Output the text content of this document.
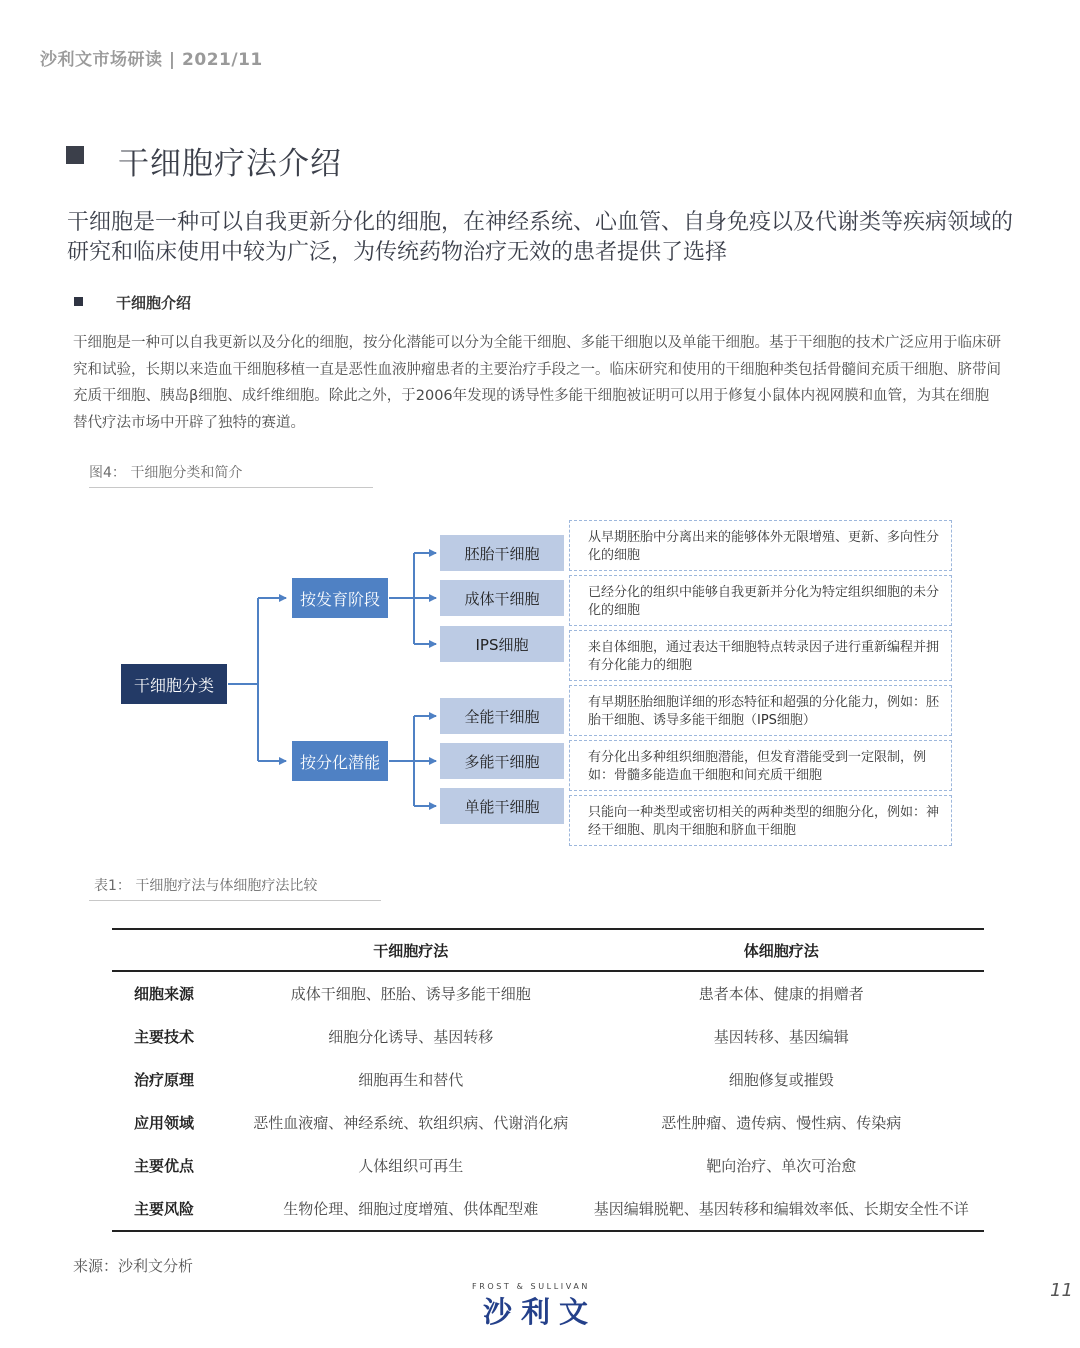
沙利文市场研读 | 2021/11
干细胞疗法介绍
干细胞是一种可以自我更新分化的细胞，在神经系统、心血管、自身免疫以及代谢类等疾病领域的研究和临床使用中较为广泛，为传统药物治疗无效的患者提供了选择
干细胞介绍
干细胞是一种可以自我更新以及分化的细胞，按分化潜能可以分为全能干细胞、多能干细胞以及单能干细胞。基于干细胞的技术广泛应用于临床研究和试验，长期以来造血干细胞移植一直是恶性血液肿瘤患者的主要治疗手段之一。临床研究和使用的干细胞种类包括骨髓间充质干细胞、脐带间充质干细胞、胰岛β细胞、成纤维细胞。除此之外，于2006年发现的诱导性多能干细胞被证明可以用于修复小鼠体内视网膜和血管，为其在细胞替代疗法市场中开辟了独特的赛道。
图4： 干细胞分类和简介
干细胞分类
按发育阶段
按分化潜能
胚胎干细胞
成体干细胞
IPS细胞
全能干细胞
多能干细胞
单能干细胞
从早期胚胎中分离出来的能够体外无限增殖、更新、多向性分化的细胞
已经分化的组织中能够自我更新并分化为特定组织细胞的未分化的细胞
来自体细胞，通过表达干细胞特点转录因子进行重新编程并拥有分化能力的细胞
有早期胚胎细胞详细的形态特征和超强的分化能力，例如：胚胎干细胞、诱导多能干细胞（IPS细胞）
有分化出多种组织细胞潜能，但发育潜能受到一定限制，例如：骨髓多能造血干细胞和间充质干细胞
只能向一种类型或密切相关的两种类型的细胞分化，例如：神经干细胞、肌肉干细胞和脐血干细胞
表1： 干细胞疗法与体细胞疗法比较
	干细胞疗法	体细胞疗法
细胞来源	成体干细胞、胚胎、诱导多能干细胞	患者本体、健康的捐赠者
主要技术	细胞分化诱导、基因转移	基因转移、基因编辑
治疗原理	细胞再生和替代	细胞修复或摧毁
应用领域	恶性血液瘤、神经系统、软组织病、代谢消化病	恶性肿瘤、遗传病、慢性病、传染病
主要优点	人体组织可再生	靶向治疗、单次可治愈
主要风险	生物伦理、细胞过度增殖、供体配型难	基因编辑脱靶、基因转移和编辑效率低、长期安全性不详
来源：沙利文分析
FROST & SULLIVAN
沙利文
11
